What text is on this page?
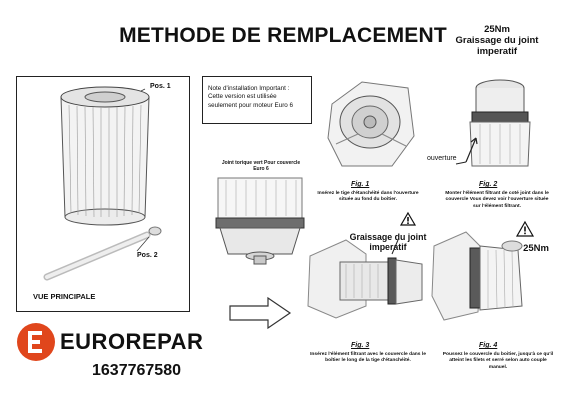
METHODE DE REMPLACEMENT	25Nm
Graissage du joint imperatif
Pos. 1
Pos. 2
VUE PRINCIPALE
Note d'installation Important : Cette version est utilisée seulement pour moteur Euro 6
Joint torique vert Pour couvercle Euro 6
ouverture
Fig. 1
Insérez le tige d'étanchéité dans l'ouverture située au fond du boîtier.
Fig. 2
Monter l'élément filtrant de coté joint dans le couvercle Vous devez voir l'ouverture située sur l'élément filtrant.
Graissage du joint imperatif
Fig. 3
Insérez l'élément filtrant avec le couvercle dans le boîtier le long de la tige d'étanchéité.
25Nm
Fig. 4
Poussez le couvercle du boitier, jusqu'à ce qu'il atteint les filets et serré selon auto couple manuel.
EUROREPAR
1637767580
